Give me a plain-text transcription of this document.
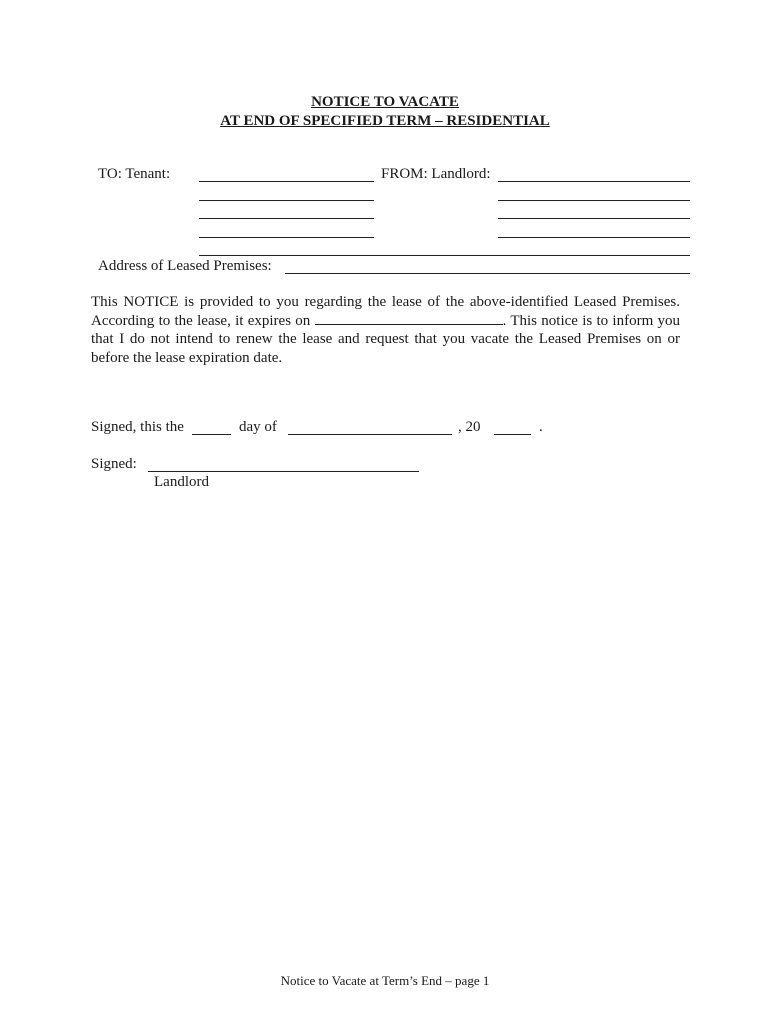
NOTICE TO VACATE
AT END OF SPECIFIED TERM – RESIDENTIAL
TO: Tenant:	FROM: Landlord:
Address of Leased Premises:

This NOTICE is provided to you regarding the lease of the above-identified Leased Premises. According to the lease, it expires on	. This notice is to inform you that I do not intend to renew the lease and request that you vacate the Leased Premises on or before the lease expiration date.

Signed, this the	day of	, 20	.
Signed:
Landlord
Notice to Vacate at Term’s End – page 1
